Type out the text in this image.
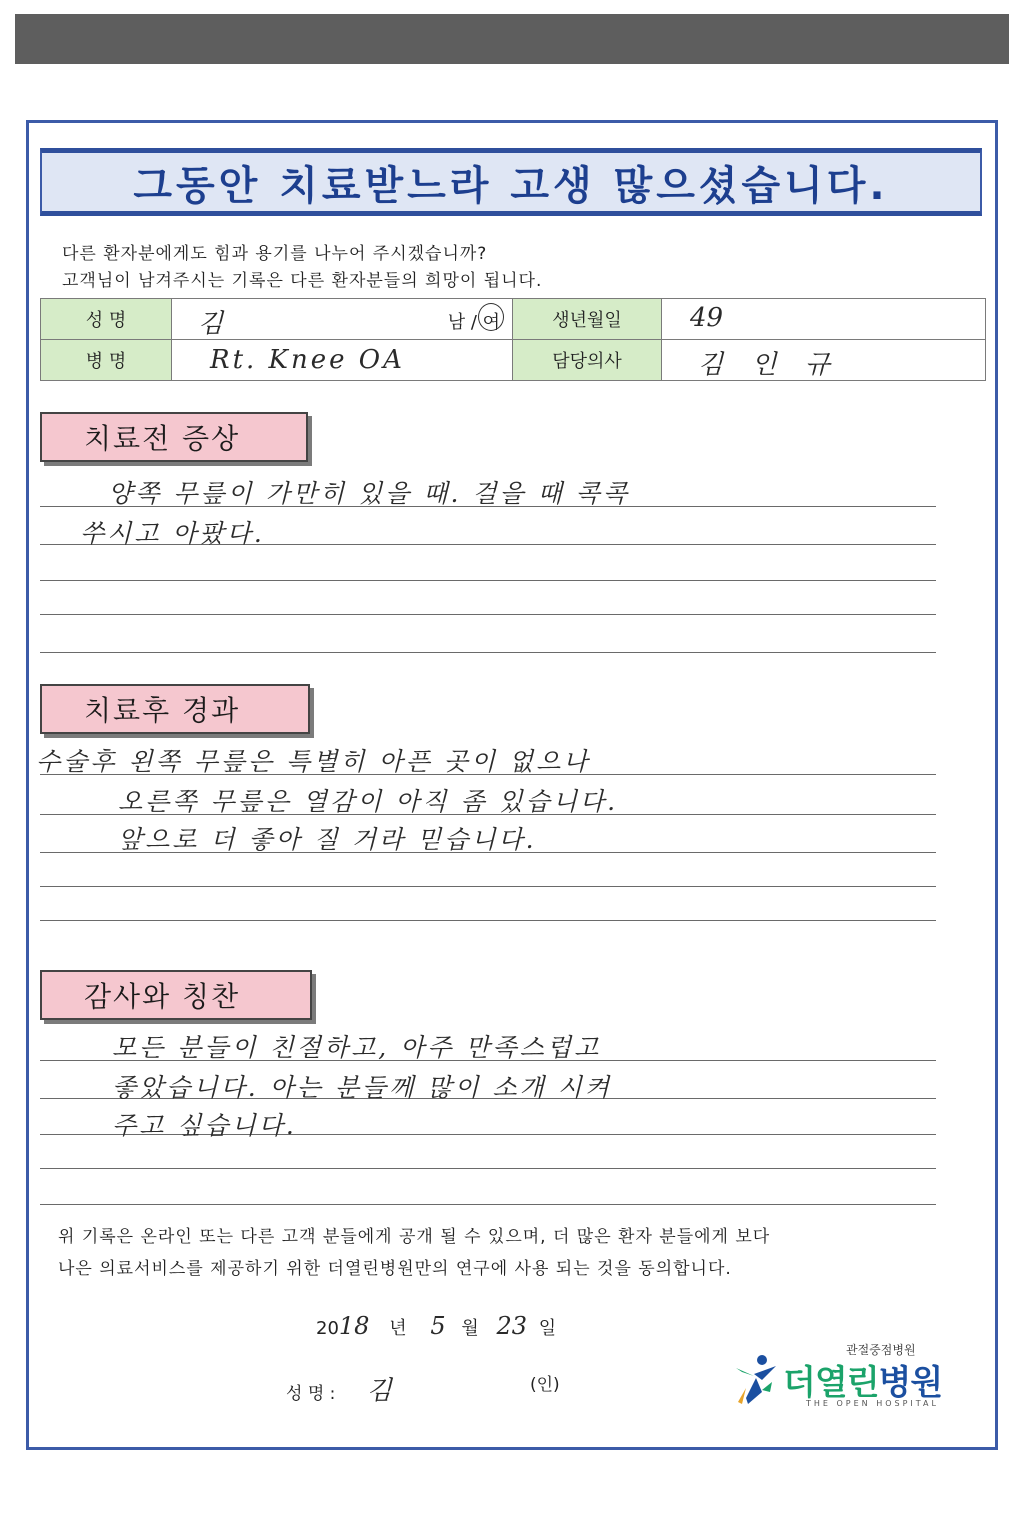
그동안 치료받느라 고생 많으셨습니다.
다른 환자분에게도 힘과 용기를 나누어 주시겠습니까?
고객님이 남겨주시는 기록은 다른 환자분들의 희망이 됩니다.
성 명	김 남 / 여	생년월일	49

병 명	Rt. Knee OA	담당의사	김 인 규
치료전 증상
양쪽 무릎이 가만히 있을 때. 걸을 때 콕콕
쑤시고 아팠다.
치료후 경과
수술후 왼쪽 무릎은 특별히 아픈 곳이 없으나
오른쪽 무릎은 열감이 아직 좀 있습니다.
앞으로 더 좋아 질 거라 믿습니다.
감사와 칭찬
모든 분들이 친절하고, 아주 만족스럽고
좋았습니다. 아는 분들께 많이 소개 시켜
주고 싶습니다.
위 기록은 온라인 또는 다른 고객 분들에게 공개 될 수 있으며, 더 많은 환자 분들에게 보다
나은 의료서비스를 제공하기 위한 더열린병원만의 연구에 사용 되는 것을 동의합니다.
2018 년 5 월 23 일
성 명 : 김	(인)
관절중점병원
더열린병원
THE OPEN HOSPITAL
